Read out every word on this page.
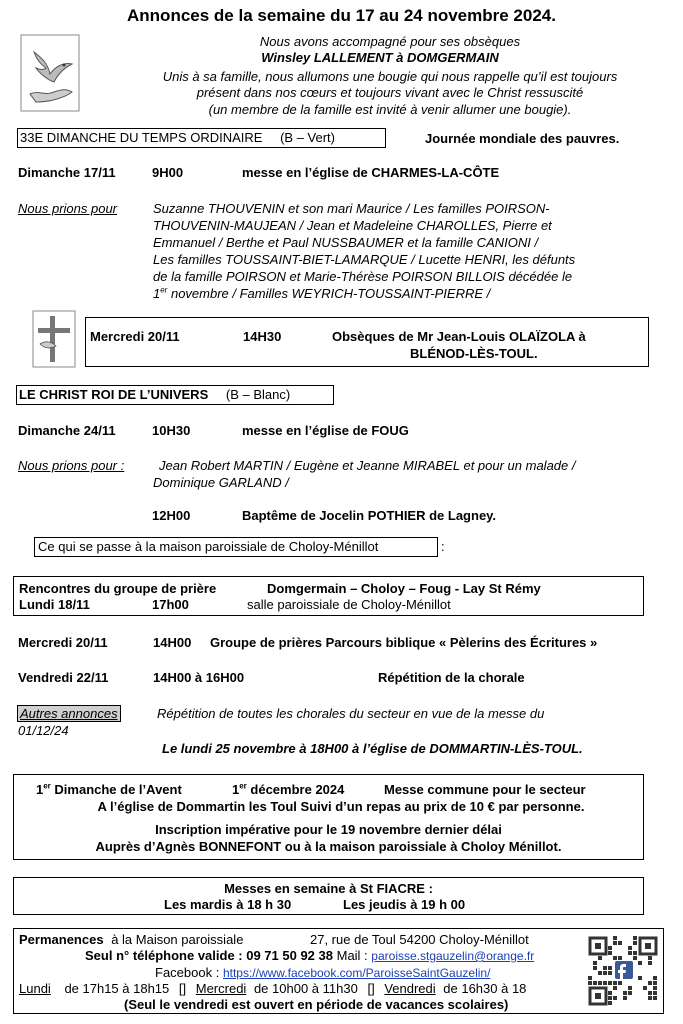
Annonces de la semaine du 17 au 24 novembre 2024.
Nous avons accompagné pour ses obsèques
Winsley LALLEMENT à DOMGERMAIN
Unis à sa famille, nous allumons une bougie qui nous rappelle qu’il est toujours
présent dans nos cœurs et toujours vivant avec le Christ ressuscité
(un membre de la famille est invité à venir allumer une bougie).
33E DIMANCHE DU TEMPS ORDINAIRE (B – Vert)	Journée mondiale des pauvres.
Dimanche 17/11	9H00	messe en l’église de CHARMES-LA-CÔTE
Nous prions pour	Suzanne THOUVENIN et son mari Maurice / Les familles POIRSON-
THOUVENIN-MAUJEAN / Jean et Madeleine CHAROLLES, Pierre et
Emmanuel / Berthe et Paul NUSSBAUMER et la famille CANIONI /
Les familles TOUSSAINT-BIET-LAMARQUE / Lucette HENRI, les défunts
de la famille POIRSON et Marie-Thérèse POIRSON BILLOIS décédée le
1er novembre / Familles WEYRICH-TOUSSAINT-PIERRE /
Mercredi 20/11	14H30	Obsèques de Mr Jean-Louis OLAÏZOLA à
BLÉNOD-LÈS-TOUL.
LE CHRIST ROI DE L’UNIVERS (B – Blanc)
Dimanche 24/11	10H30	messe en l’église de FOUG
Nous prions pour :	Jean Robert MARTIN / Eugène et Jeanne MIRABEL et pour un malade /
Dominique GARLAND /
12H00	Baptême de Jocelin POTHIER de Lagney.
Ce qui se passe à la maison paroissiale de Choloy-Ménillot	:
Rencontres du groupe de prière	Domgermain – Choloy – Foug - Lay St Rémy
Lundi 18/11	17h00	salle paroissiale de Choloy-Ménillot
Mercredi 20/11	14H00 Groupe de prières Parcours biblique « Pèlerins des Écritures »
Vendredi 22/11	14H00 à 16H00	Répétition de la chorale
Autres annonces	Répétition de toutes les chorales du secteur en vue de la messe du
01/12/24
Le lundi 25 novembre à 18H00 à l’église de DOMMARTIN-LÈS-TOUL.
1er Dimanche de l’Avent	1er décembre 2024	Messe commune pour le secteur
A l’église de Dommartin les Toul Suivi d’un repas au prix de 10 € par personne.
Inscription impérative pour le 19 novembre dernier délai
Auprès d’Agnès BONNEFONT ou à la maison paroissiale à Choloy Ménillot.
Messes en semaine à St FIACRE :
Les mardis à 18 h 30	Les jeudis à 19 h 00
Permanences à la Maison paroissiale	27, rue de Toul 54200 Choloy-Ménillot
Seul n° téléphone valide : 09 71 50 92 38 Mail : paroisse.stgauzelin@orange.fr
Facebook : https://www.facebook.com/ParoisseSaintGauzelin/
Lundi de 17h15 à 18h15 [] Mercredi de 10h00 à 11h30 [] Vendredi de 16h30 à 18
(Seul le vendredi est ouvert en période de vacances scolaires)
